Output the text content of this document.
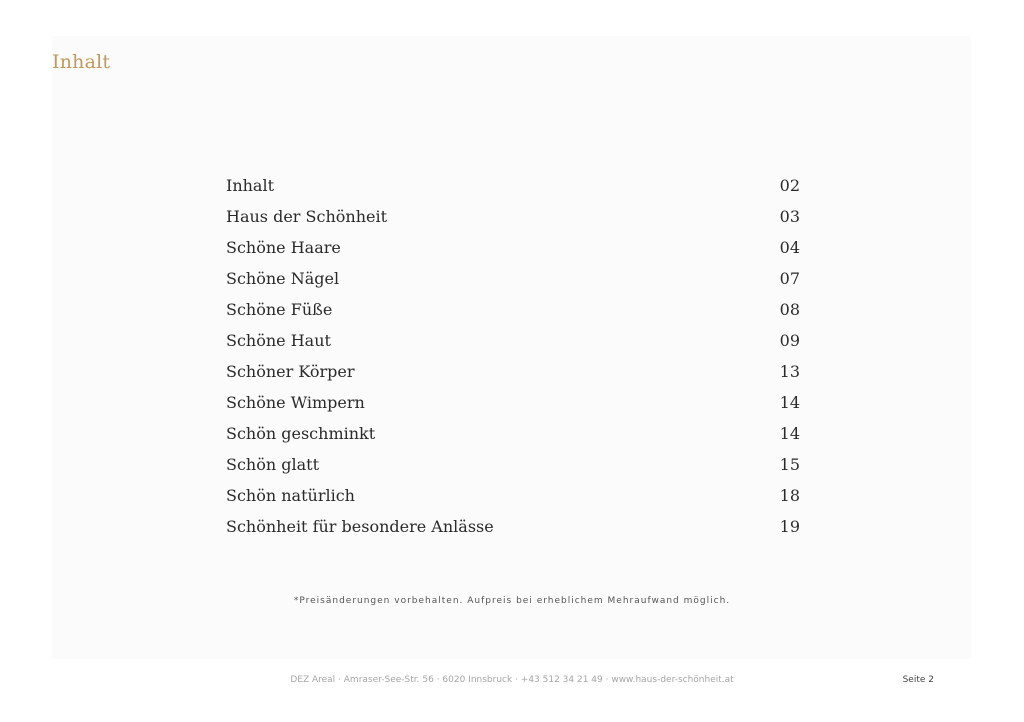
Inhalt
Inhalt	02
Haus der Schönheit	03
Schöne Haare	04
Schöne Nägel	07
Schöne Füße	08
Schöne Haut	09
Schöner Körper	13
Schöne Wimpern	14
Schön geschminkt	14
Schön glatt	15
Schön natürlich	18
Schönheit für besondere Anlässe	19
*Preisänderungen vorbehalten. Aufpreis bei erheblichem Mehraufwand möglich.
DEZ Areal · Amraser-See-Str. 56 · 6020 Innsbruck · +43 512 34 21 49 · www.haus-der-schönheit.at	Seite 2
